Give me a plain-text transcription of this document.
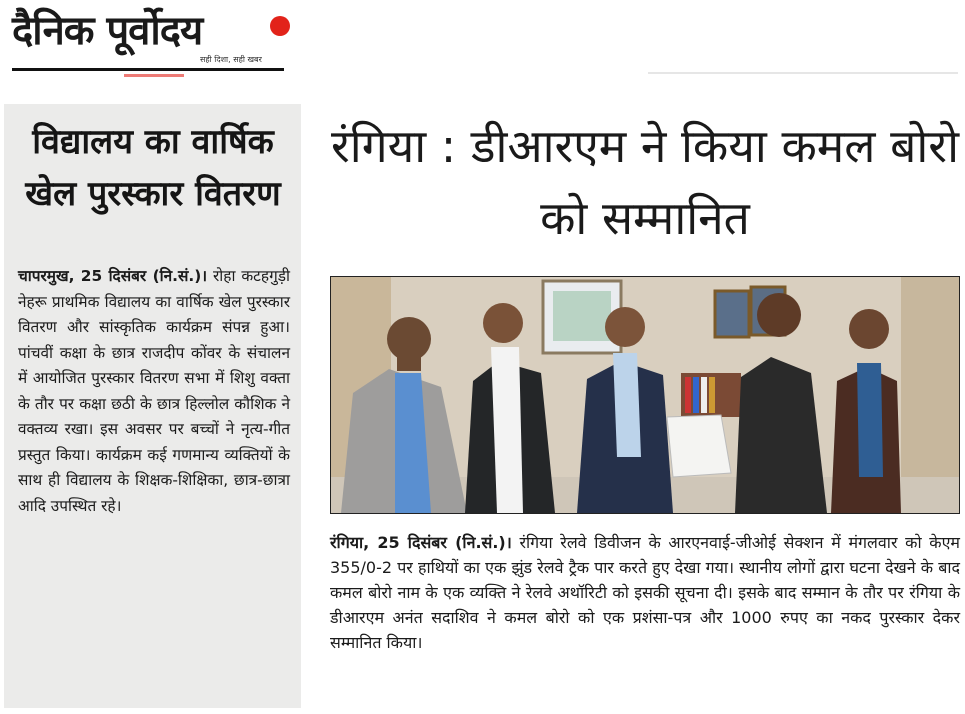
दैनिक पूर्वोदय
सही दिशा, सही खबर
विद्यालय का वार्षिक खेल पुरस्कार वितरण
चापरमुख, 25 दिसंबर (नि.सं.)। रोहा कटहगुड़ी नेहरू प्राथमिक विद्यालय का वार्षिक खेल पुरस्कार वितरण और सांस्कृतिक कार्यक्रम संपन्न हुआ। पांचवीं कक्षा के छात्र राजदीप कोंवर के संचालन में आयोजित पुरस्कार वितरण सभा में शिशु वक्ता के तौर पर कक्षा छठी के छात्र हिल्लोल कौशिक ने वक्तव्य रखा। इस अवसर पर बच्चों ने नृत्य-गीत प्रस्तुत किया। कार्यक्रम कई गणमान्य व्यक्तियों के साथ ही विद्यालय के शिक्षक-शिक्षिका, छात्र-छात्रा आदि उपस्थित रहे।
रंगिया : डीआरएम ने किया कमल बोरो को सम्मानित
रंगिया, 25 दिसंबर (नि.सं.)। रंगिया रेलवे डिवीजन के आरएनवाई-जीओई सेक्शन में मंगलवार को केएम 355/0-2 पर हाथियों का एक झुंड रेलवे ट्रैक पार करते हुए देखा गया। स्थानीय लोगों द्वारा घटना देखने के बाद कमल बोरो नाम के एक व्यक्ति ने रेलवे अथॉरिटी को इसकी सूचना दी। इसके बाद सम्मान के तौर पर रंगिया के डीआरएम अनंत सदाशिव ने कमल बोरो को एक प्रशंसा-पत्र और 1000 रुपए का नकद पुरस्कार देकर सम्मानित किया।
